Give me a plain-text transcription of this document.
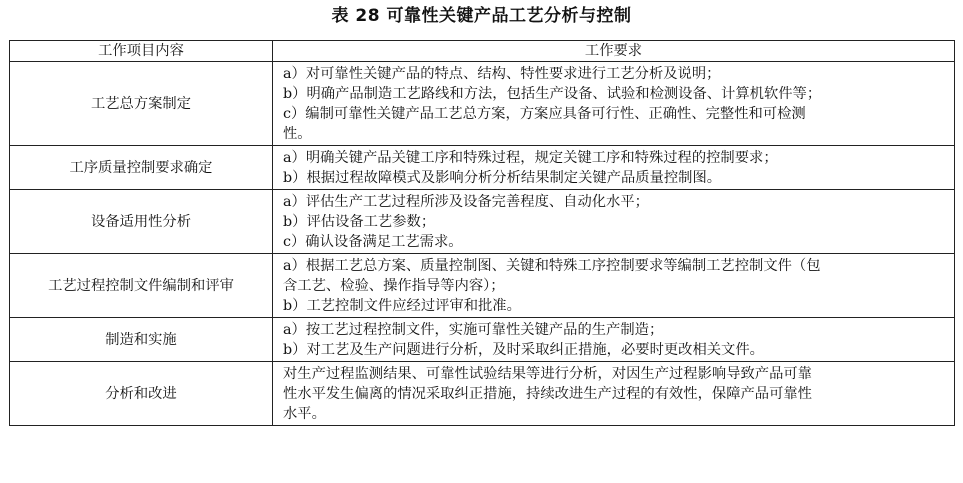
表 28 可靠性关键产品工艺分析与控制
工作项目内容	工作要求
工艺总方案制定	a）对可靠性关键产品的特点、结构、特性要求进行工艺分析及说明；
b）明确产品制造工艺路线和方法，包括生产设备、试验和检测设备、计算机软件等；
c）编制可靠性关键产品工艺总方案，方案应具备可行性、正确性、完整性和可检测
性。

工序质量控制要求确定	a）明确关键产品关键工序和特殊过程，规定关键工序和特殊过程的控制要求；
b）根据过程故障模式及影响分析分析结果制定关键产品质量控制图。

设备适用性分析	a）评估生产工艺过程所涉及设备完善程度、自动化水平；
b）评估设备工艺参数；
c）确认设备满足工艺需求。

工艺过程控制文件编制和评审	a）根据工艺总方案、质量控制图、关键和特殊工序控制要求等编制工艺控制文件（包
含工艺、检验、操作指导等内容）；
b）工艺控制文件应经过评审和批准。

制造和实施	a）按工艺过程控制文件，实施可靠性关键产品的生产制造；
b）对工艺及生产问题进行分析，及时采取纠正措施，必要时更改相关文件。

分析和改进	对生产过程监测结果、可靠性试验结果等进行分析，对因生产过程影响导致产品可靠
性水平发生偏离的情况采取纠正措施，持续改进生产过程的有效性，保障产品可靠性
水平。
